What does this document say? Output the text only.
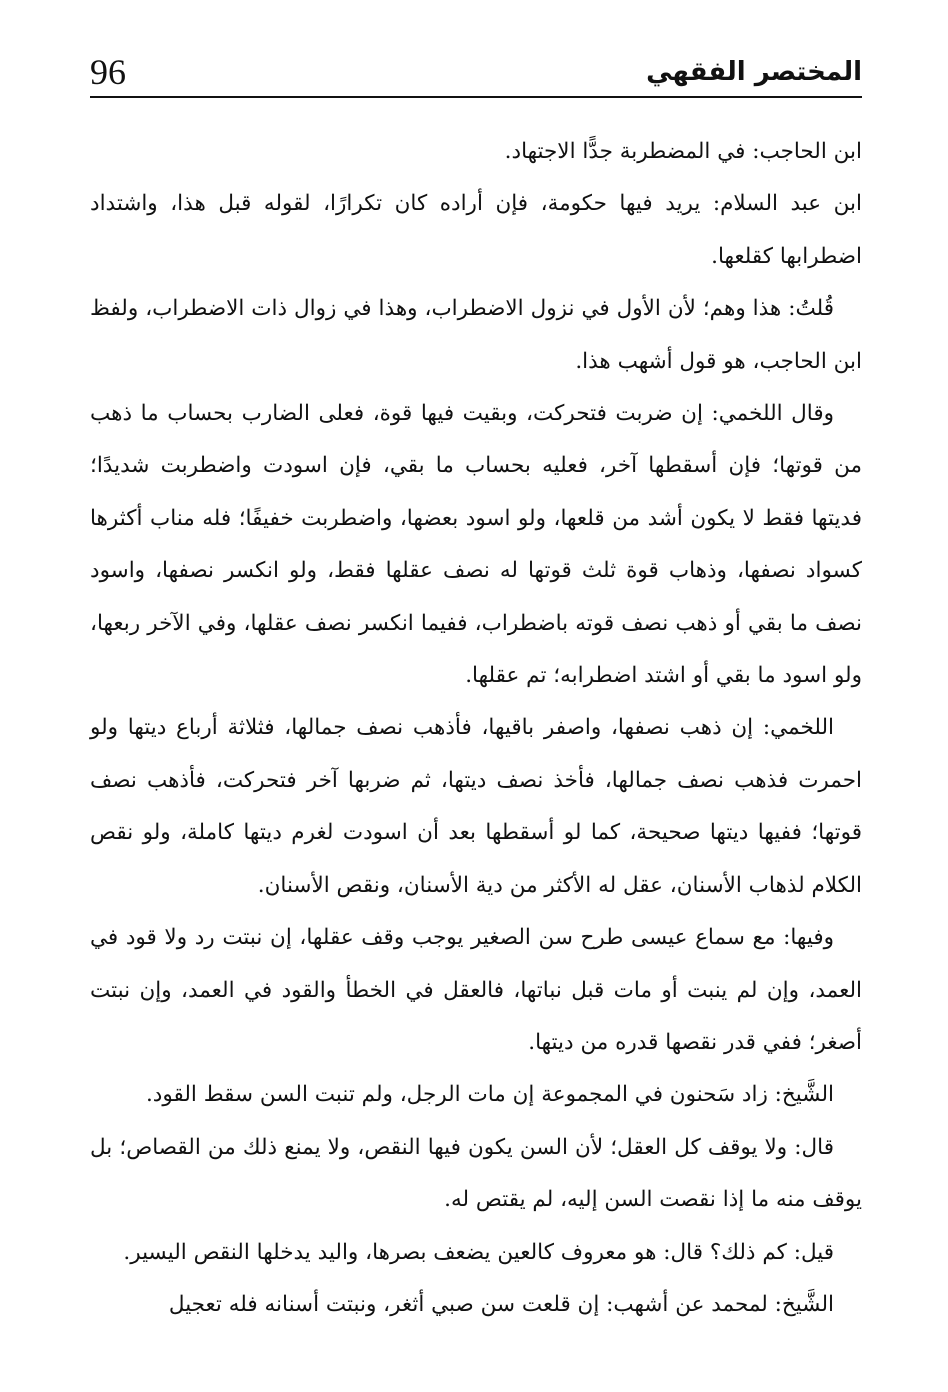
96	المختصر الفقهي

ابن الحاجب: في المضطربة جدًّا الاجتهاد.

ابن عبد السلام: يريد فيها حكومة، فإن أراده كان تكرارًا، لقوله قبل هذا، واشتداد اضطرابها كقلعها.

قُلتُ: هذا وهم؛ لأن الأول في نزول الاضطراب، وهذا في زوال ذات الاضطراب، ولفظ ابن الحاجب، هو قول أشهب هذا.

وقال اللخمي: إن ضربت فتحركت، وبقيت فيها قوة، فعلى الضارب بحساب ما ذهب من قوتها؛ فإن أسقطها آخر، فعليه بحساب ما بقي، فإن اسودت واضطربت شديدًا؛ فديتها فقط لا يكون أشد من قلعها، ولو اسود بعضها، واضطربت خفيفًا؛ فله مناب أكثرها كسواد نصفها، وذهاب قوة ثلث قوتها له نصف عقلها فقط، ولو انكسر نصفها، واسود نصف ما بقي أو ذهب نصف قوته باضطراب، ففيما انكسر نصف عقلها، وفي الآخر ربعها، ولو اسود ما بقي أو اشتد اضطرابه؛ تم عقلها.

اللخمي: إن ذهب نصفها، واصفر باقيها، فأذهب نصف جمالها، فثلاثة أرباع ديتها ولو احمرت فذهب نصف جمالها، فأخذ نصف ديتها، ثم ضربها آخر فتحركت، فأذهب نصف قوتها؛ ففيها ديتها صحيحة، كما لو أسقطها بعد أن اسودت لغرم ديتها كاملة، ولو نقص الكلام لذهاب الأسنان، عقل له الأكثر من دية الأسنان، ونقص الأسنان.

وفيها: مع سماع عيسى طرح سن الصغير يوجب وقف عقلها، إن نبتت رد ولا قود في العمد، وإن لم ينبت أو مات قبل نباتها، فالعقل في الخطأ والقود في العمد، وإن نبتت أصغر؛ ففي قدر نقصها قدره من ديتها.

الشَّيخ: زاد سَحنون في المجموعة إن مات الرجل، ولم تنبت السن سقط القود.

قال: ولا يوقف كل العقل؛ لأن السن يكون فيها النقص، ولا يمنع ذلك من القصاص؛ بل يوقف منه ما إذا نقصت السن إليه، لم يقتص له.

قيل: كم ذلك؟ قال: هو معروف كالعين يضعف بصرها، واليد يدخلها النقص اليسير.

الشَّيخ: لمحمد عن أشهب: إن قلعت سن صبي أثغر، ونبتت أسنانه فله تعجيل
